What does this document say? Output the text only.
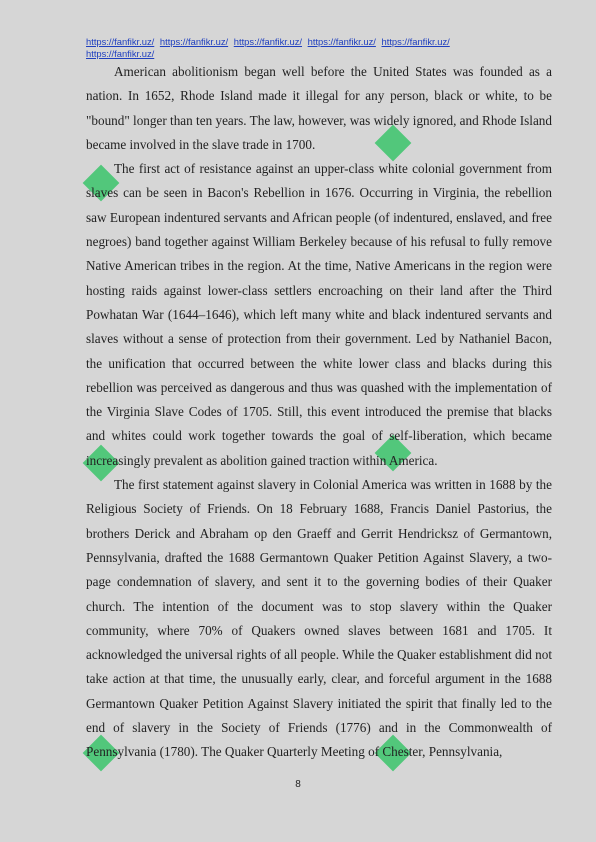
https://fanfikr.uz/ https://fanfikr.uz/ https://fanfikr.uz/ https://fanfikr.uz/ https://fanfikr.uz/
https://fanfikr.uz/

American abolitionism began well before the United States was founded as a nation. In 1652, Rhode Island made it illegal for any person, black or white, to be "bound" longer than ten years. The law, however, was widely ignored, and Rhode Island became involved in the slave trade in 1700.

The first act of resistance against an upper-class white colonial government from slaves can be seen in Bacon's Rebellion in 1676. Occurring in Virginia, the rebellion saw European indentured servants and African people (of indentured, enslaved, and free negroes) band together against William Berkeley because of his refusal to fully remove Native American tribes in the region. At the time, Native Americans in the region were hosting raids against lower-class settlers encroaching on their land after the Third Powhatan War (1644–1646), which left many white and black indentured servants and slaves without a sense of protection from their government. Led by Nathaniel Bacon, the unification that occurred between the white lower class and blacks during this rebellion was perceived as dangerous and thus was quashed with the implementation of the Virginia Slave Codes of 1705. Still, this event introduced the premise that blacks and whites could work together towards the goal of self-liberation, which became increasingly prevalent as abolition gained traction within America.

The first statement against slavery in Colonial America was written in 1688 by the Religious Society of Friends. On 18 February 1688, Francis Daniel Pastorius, the brothers Derick and Abraham op den Graeff and Gerrit Hendricksz of Germantown, Pennsylvania, drafted the 1688 Germantown Quaker Petition Against Slavery, a two-page condemnation of slavery, and sent it to the governing bodies of their Quaker church. The intention of the document was to stop slavery within the Quaker community, where 70% of Quakers owned slaves between 1681 and 1705. It acknowledged the universal rights of all people. While the Quaker establishment did not take action at that time, the unusually early, clear, and forceful argument in the 1688 Germantown Quaker Petition Against Slavery initiated the spirit that finally led to the end of slavery in the Society of Friends (1776) and in the Commonwealth of Pennsylvania (1780). The Quaker Quarterly Meeting of Chester, Pennsylvania,

8
